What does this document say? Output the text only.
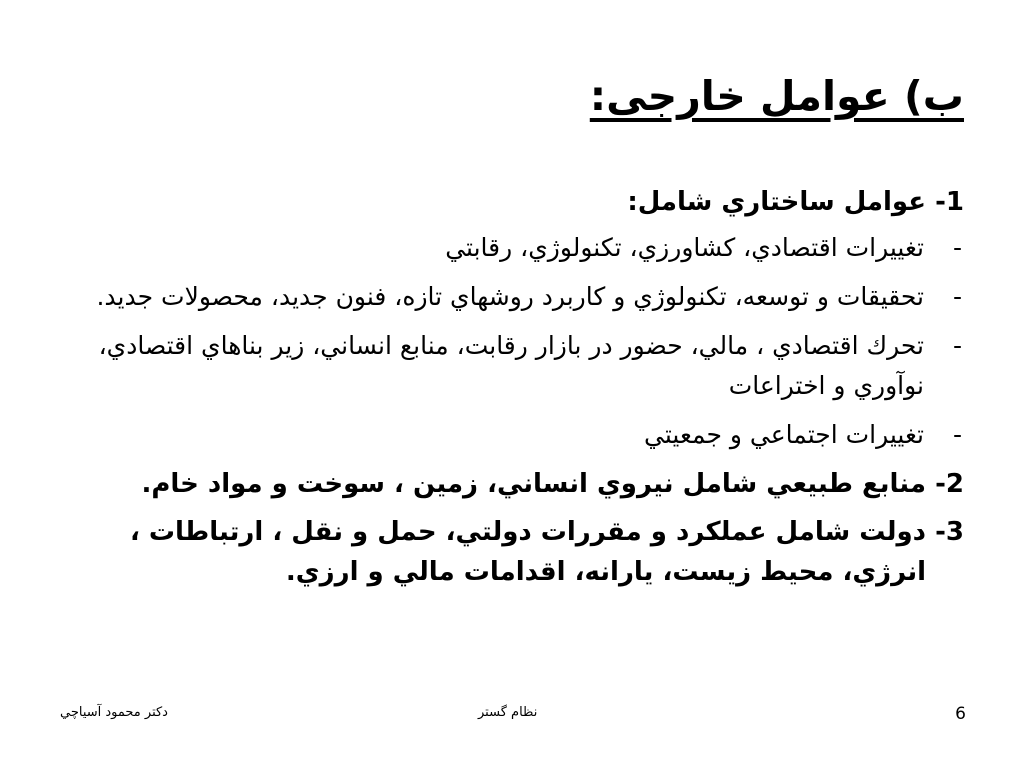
ب) عوامل خارجی:
1-
عوامل ساختاري شامل:
-
تغييرات اقتصادي، كشاورزي، تكنولوژي، رقابتي
-
تحقيقات و توسعه، تكنولوژي و كاربرد روشهاي تازه، فنون جديد، محصولات جديد.
-
تحرك اقتصادي ، مالي، حضور در بازار رقابت، منابع انساني، زير بناهاي اقتصادي، نوآوري و اختراعات
-
تغييرات اجتماعي و جمعيتي
2-
منابع طبيعي شامل نيروي انساني، زمين ، سوخت و مواد خام.
3-
دولت شامل عملكرد و مقررات دولتي، حمل و نقل ، ارتباطات ، انرژي، محيط زيست، يارانه، اقدامات مالي و ارزي.
دكتر محمود آسياچي	نظام گستر	6
